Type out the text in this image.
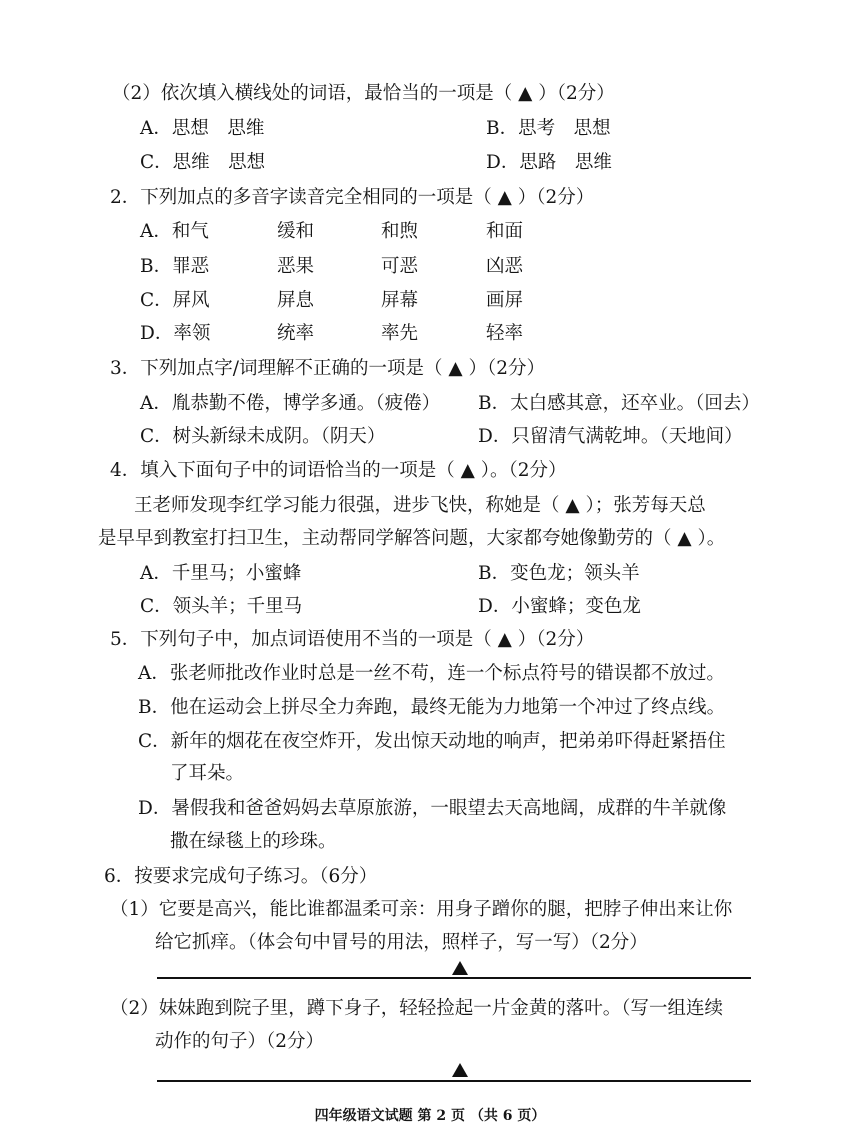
（2）依次填入横线处的词语，最恰当的一项是（ ▲ ）（2分）
A．思想　思维	B．思考　思想
C．思维　思想	D．思路　思维
2．下列加点的多音字读音完全相同的一项是（ ▲ ）（2分）
A．和气	缓和	和煦	和面
B．罪恶	恶果	可恶	凶恶
C．屏风	屏息	屏幕	画屏
D．率领	统率	率先	轻率
3．下列加点字/词理解不正确的一项是（ ▲ ）（2分）
A．胤恭勤不倦，博学多通。（疲倦） B．太白感其意，还卒业。（回去）
C．树头新绿未成阴。（阴天）	D．只留清气满乾坤。（天地间）
4．填入下面句子中的词语恰当的一项是（ ▲ ）。（2分）
王老师发现李红学习能力很强，进步飞快，称她是（ ▲ ）；张芳每天总
是早早到教室打扫卫生，主动帮同学解答问题，大家都夸她像勤劳的（ ▲ ）。
A．千里马；小蜜蜂	B．变色龙；领头羊
C．领头羊；千里马	D．小蜜蜂；变色龙
5．下列句子中，加点词语使用不当的一项是（ ▲ ）（2分）
A．张老师批改作业时总是一丝不苟，连一个标点符号的错误都不放过。
B．他在运动会上拼尽全力奔跑，最终无能为力地第一个冲过了终点线。
C．新年的烟花在夜空炸开，发出惊天动地的响声，把弟弟吓得赶紧捂住
了耳朵。
D．暑假我和爸爸妈妈去草原旅游，一眼望去天高地阔，成群的牛羊就像
撒在绿毯上的珍珠。
6．按要求完成句子练习。（6分）
（1）它要是高兴，能比谁都温柔可亲：用身子蹭你的腿，把脖子伸出来让你
给它抓痒。（体会句中冒号的用法，照样子，写一写）（2分）
（2）妹妹跑到院子里，蹲下身子，轻轻捡起一片金黄的落叶。（写一组连续
动作的句子）（2分）
四年级语文试题 第 2 页 （共 6 页）
